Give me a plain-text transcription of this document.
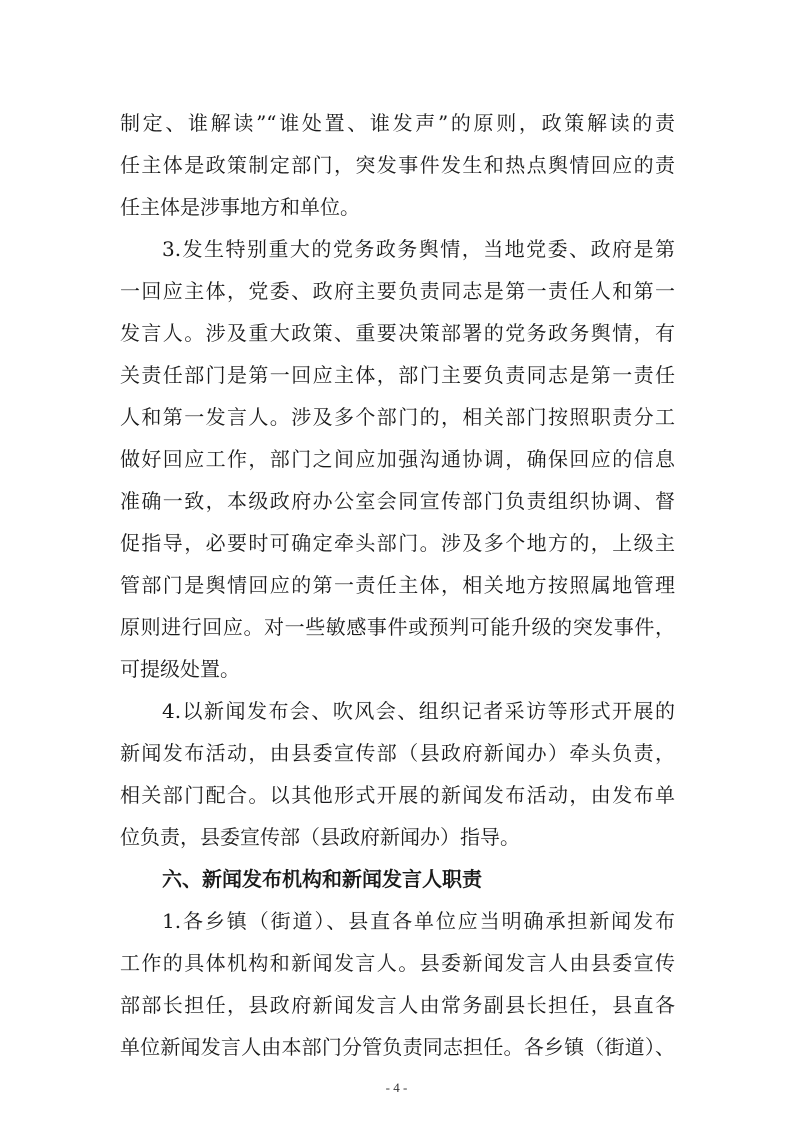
制定、谁解读”“谁处置、谁发声”的原则，政策解读的责
任主体是政策制定部门，突发事件发生和热点舆情回应的责
任主体是涉事地方和单位。
3.发生特别重大的党务政务舆情，当地党委、政府是第
一回应主体，党委、政府主要负责同志是第一责任人和第一
发言人。涉及重大政策、重要决策部署的党务政务舆情，有
关责任部门是第一回应主体，部门主要负责同志是第一责任
人和第一发言人。涉及多个部门的，相关部门按照职责分工
做好回应工作，部门之间应加强沟通协调，确保回应的信息
准确一致，本级政府办公室会同宣传部门负责组织协调、督
促指导，必要时可确定牵头部门。涉及多个地方的，上级主
管部门是舆情回应的第一责任主体，相关地方按照属地管理
原则进行回应。对一些敏感事件或预判可能升级的突发事件，
可提级处置。
4.以新闻发布会、吹风会、组织记者采访等形式开展的
新闻发布活动，由县委宣传部（县政府新闻办）牵头负责，
相关部门配合。以其他形式开展的新闻发布活动，由发布单
位负责，县委宣传部（县政府新闻办）指导。
六、新闻发布机构和新闻发言人职责
1.各乡镇（街道）、县直各单位应当明确承担新闻发布
工作的具体机构和新闻发言人。县委新闻发言人由县委宣传
部部长担任，县政府新闻发言人由常务副县长担任，县直各
单位新闻发言人由本部门分管负责同志担任。各乡镇（街道）、
- 4 -
